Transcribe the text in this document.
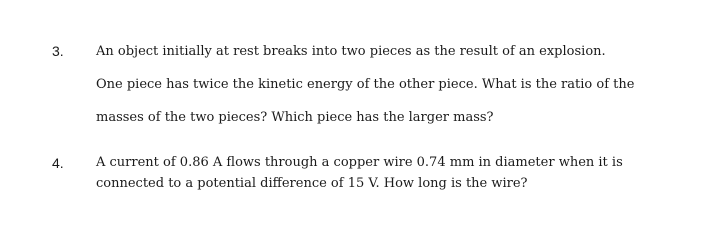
3. An object initially at rest breaks into two pieces as the result of an explosion.
One piece has twice the kinetic energy of the other piece. What is the ratio of the
masses of the two pieces? Which piece has the larger mass?
4. A current of 0.86 A flows through a copper wire 0.74 mm in diameter when it is
connected to a potential difference of 15 V. How long is the wire?
